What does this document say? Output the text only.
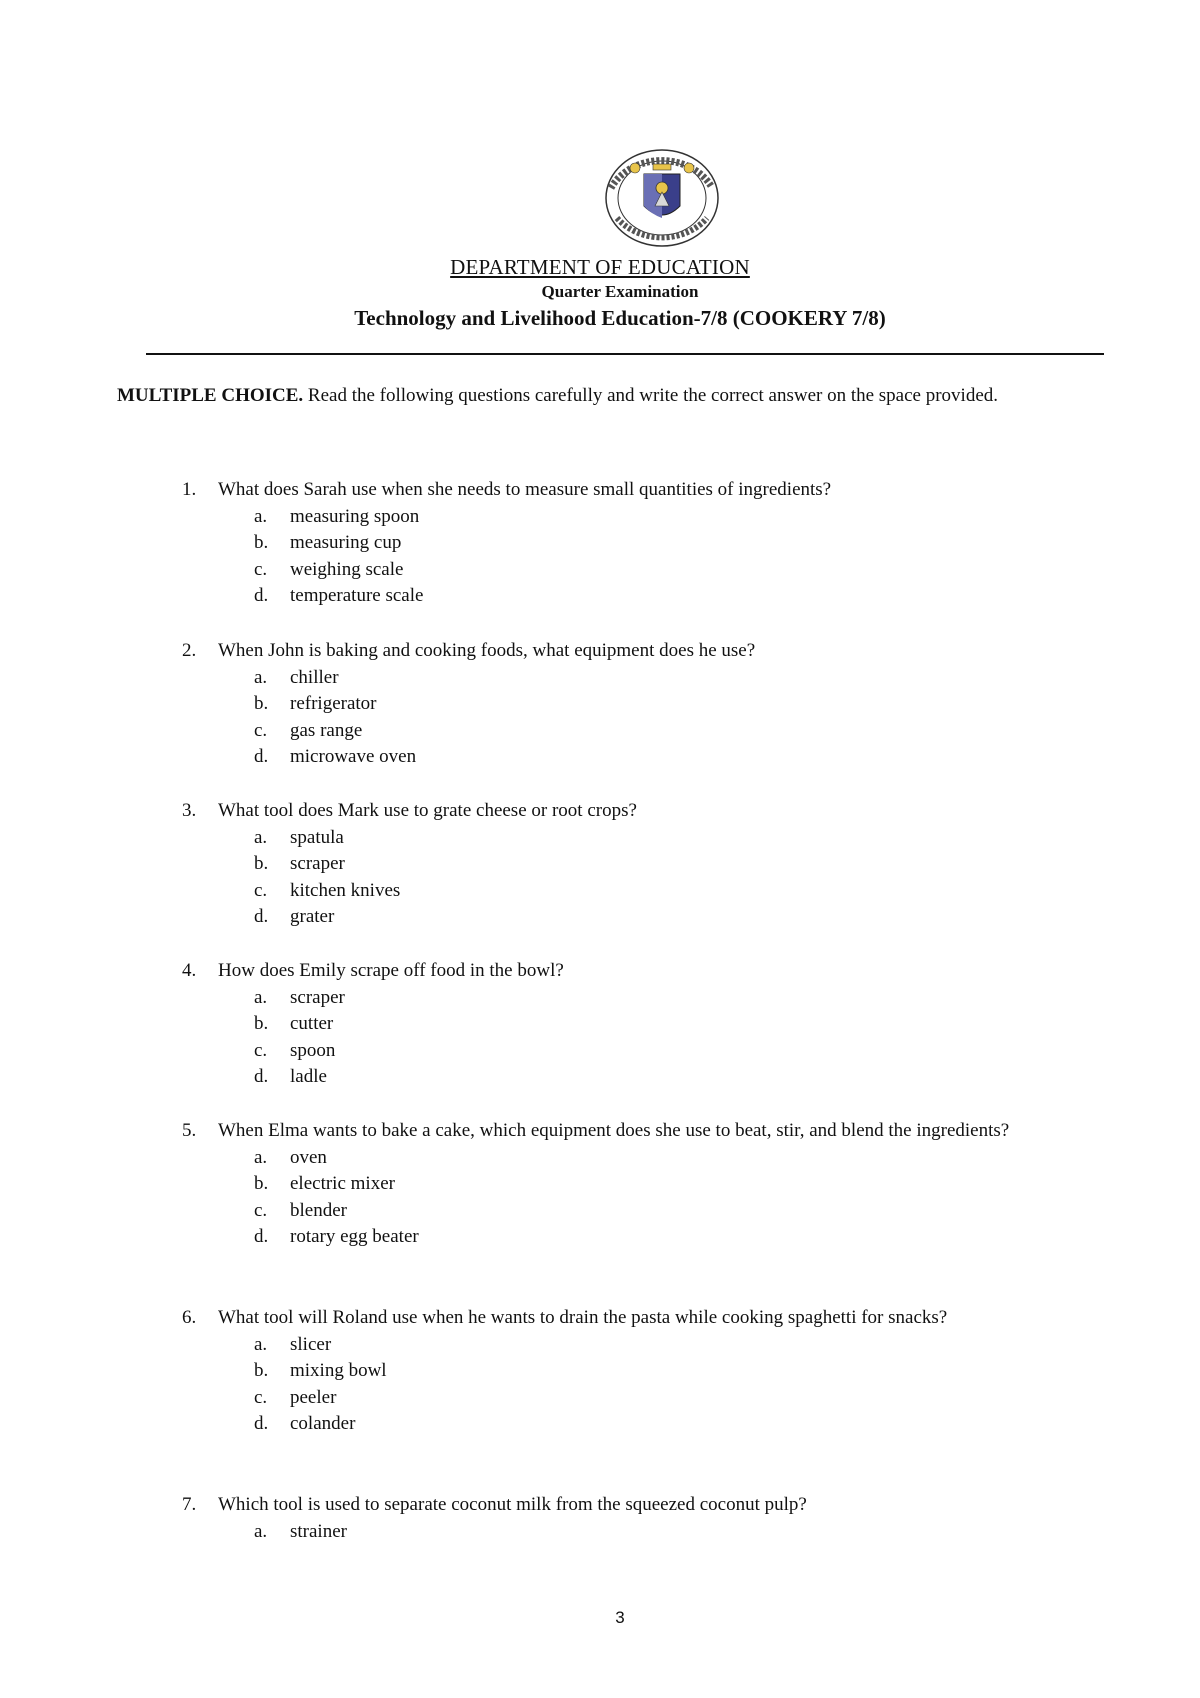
DEPARTMENT OF EDUCATION
Quarter Examination
Technology and Livelihood Education-7/8 (COOKERY 7/8)
MULTIPLE CHOICE. Read the following questions carefully and write the correct answer on the space provided.
1.	What does Sarah use when she needs to measure small quantities of ingredients?
a. measuring spoon
b. measuring cup
c. weighing scale
d. temperature scale
2.	When John is baking and cooking foods, what equipment does he use?
a. chiller
b. refrigerator
c. gas range
d. microwave oven
3.	What tool does Mark use to grate cheese or root crops?
a. spatula
b. scraper
c. kitchen knives
d. grater
4.	How does Emily scrape off food in the bowl?
a. scraper
b. cutter
c. spoon
d. ladle
5.	When Elma wants to bake a cake, which equipment does she use to beat, stir, and blend the ingredients?
a. oven
b. electric mixer
c. blender
d. rotary egg beater
6.	What tool will Roland use when he wants to drain the pasta while cooking spaghetti for snacks?
a. slicer
b. mixing bowl
c. peeler
d. colander
7.	Which tool is used to separate coconut milk from the squeezed coconut pulp?
a. strainer
3
